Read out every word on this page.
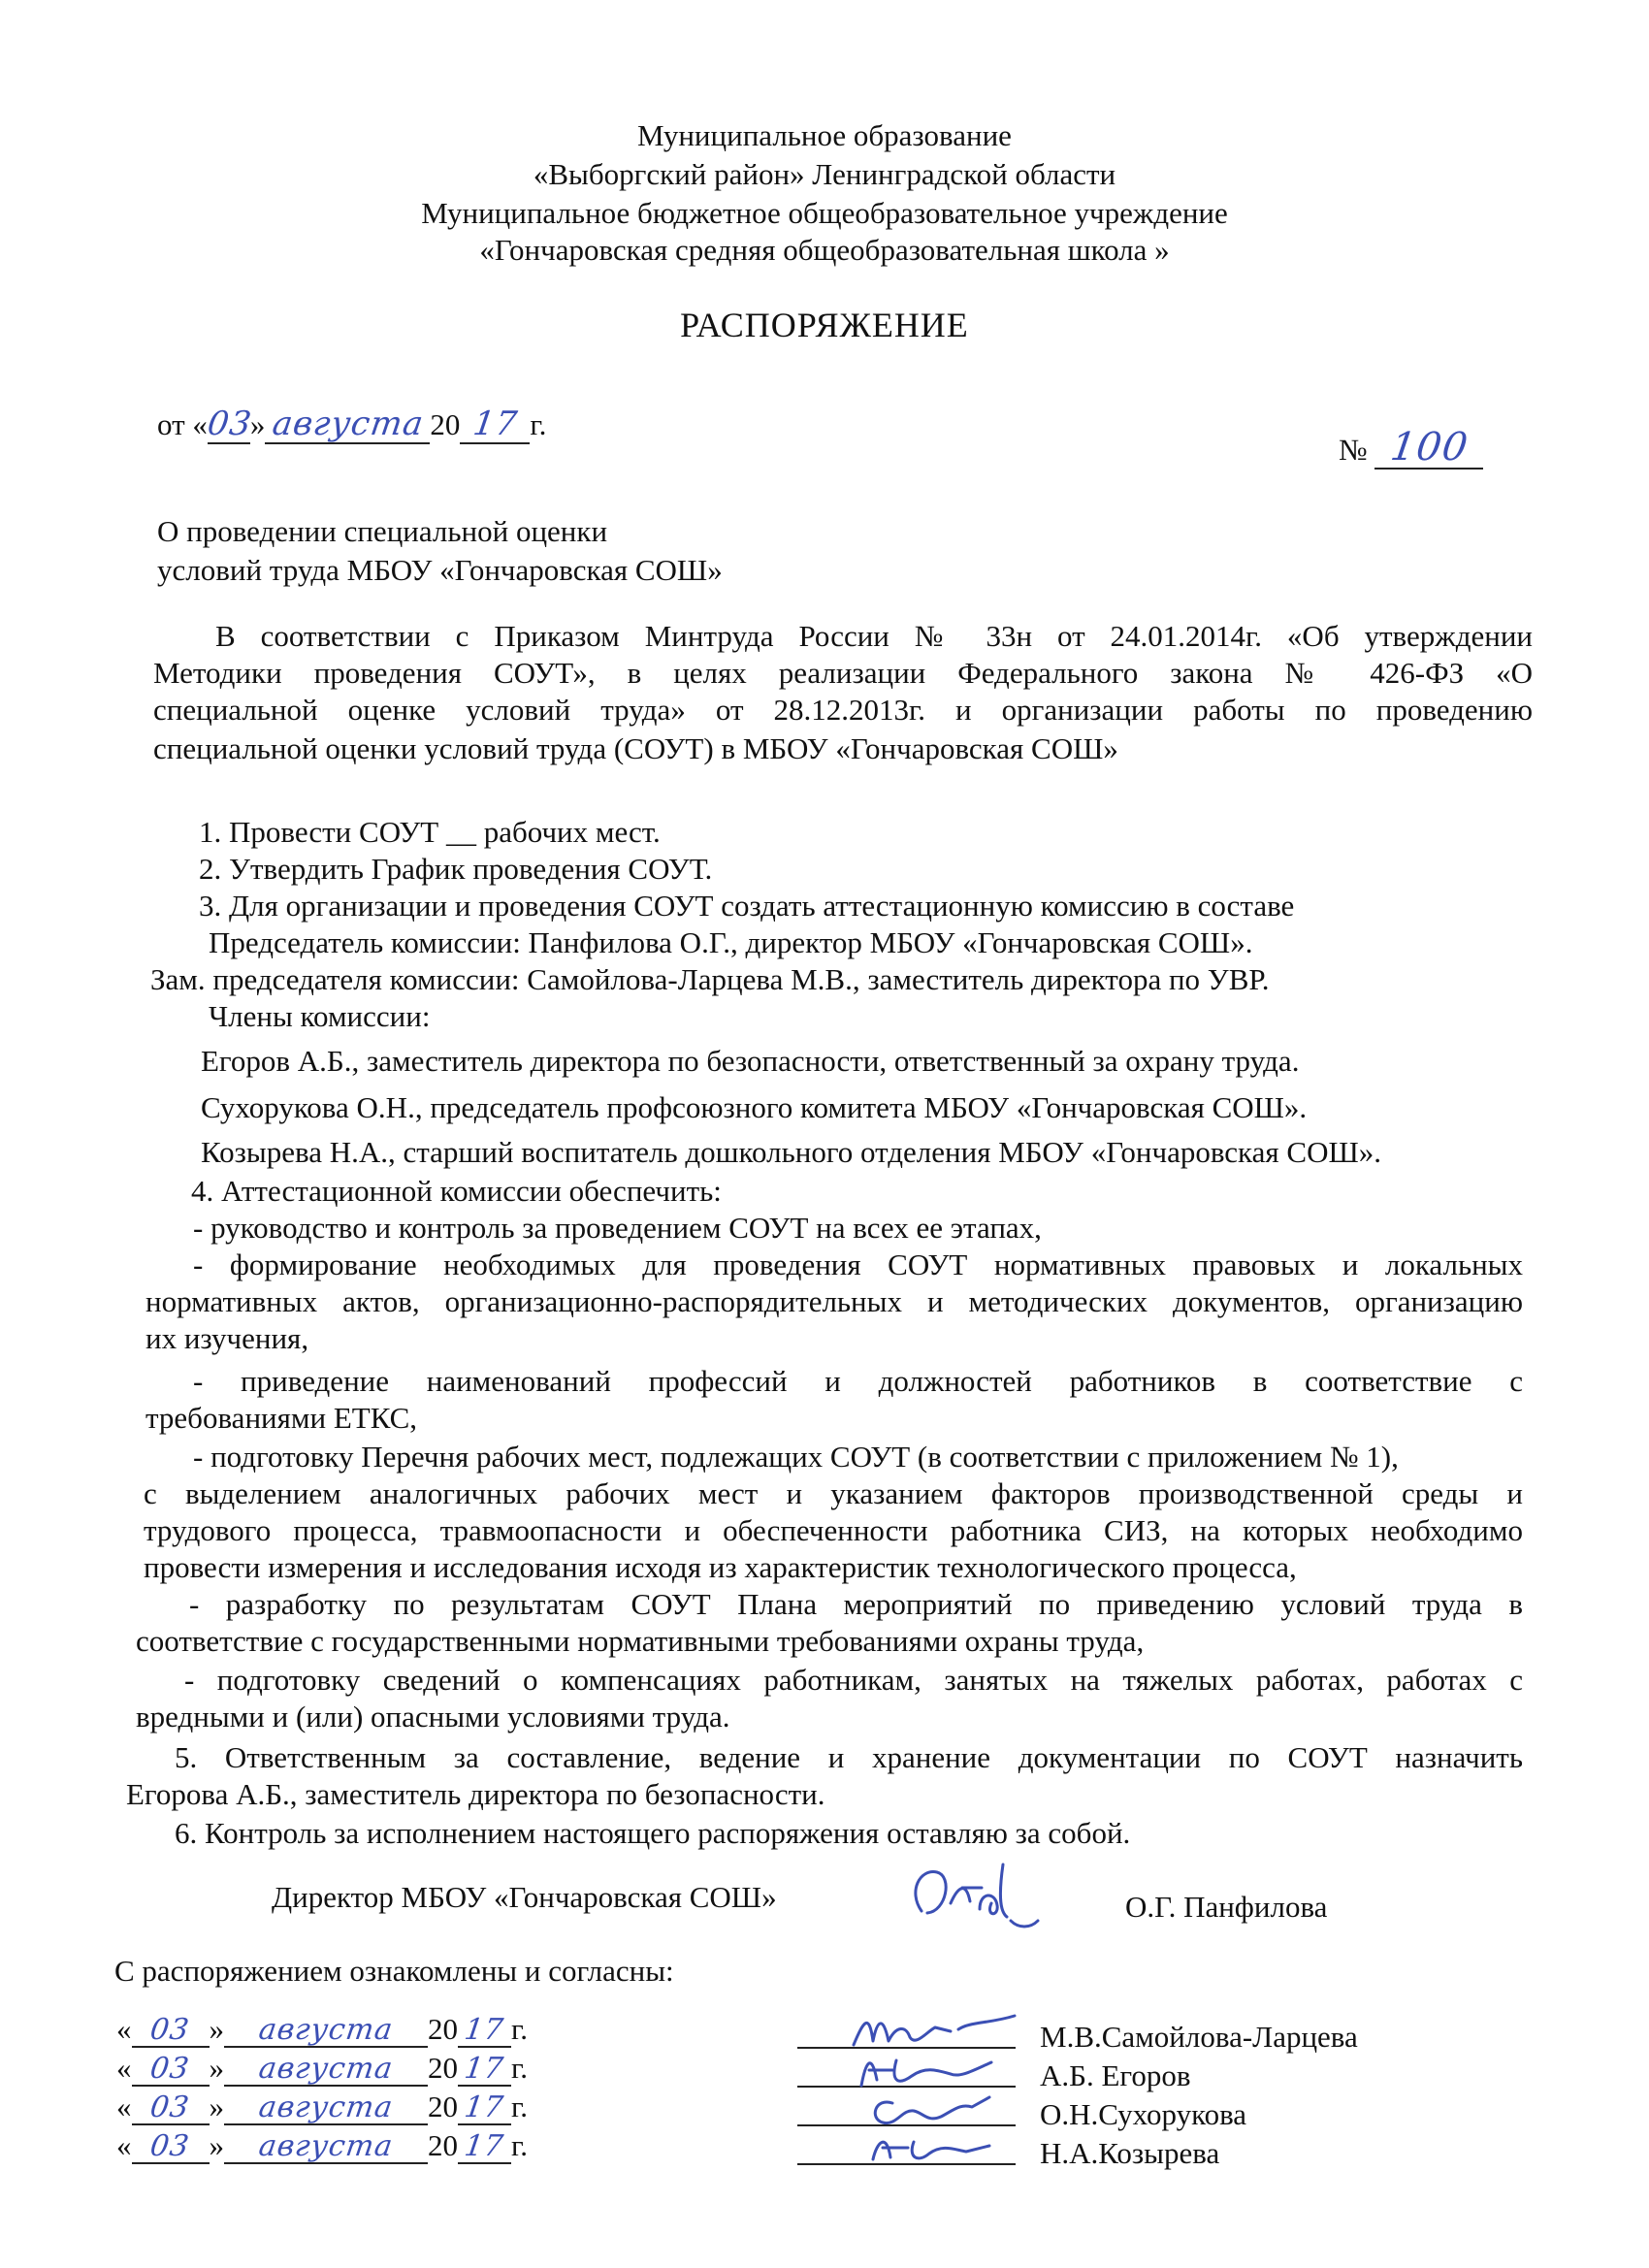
Муниципальное образование
«Выборгский район» Ленинградской области
Муниципальное бюджетное общеобразовательное учреждение
«Гончаровская средняя общеобразовательная школа »
РАСПОРЯЖЕНИЕ
от «03» августа 20 17 г.
№ 100
О проведении специальной оценки
условий труда МБОУ «Гончаровская СОШ»
В соответствии с Приказом Минтруда России № 33н от 24.01.2014г. «Об утверждении
Методики проведения СОУТ», в целях реализации Федерального закона № 426-ФЗ «О
специальной оценке условий труда» от 28.12.2013г. и организации работы по проведению
специальной оценки условий труда (СОУТ) в МБОУ «Гончаровская СОШ»
1. Провести СОУТ __ рабочих мест.
2. Утвердить График проведения СОУТ.
3. Для организации и проведения СОУТ создать аттестационную комиссию в составе
Председатель комиссии: Панфилова О.Г., директор МБОУ «Гончаровская СОШ».
Зам. председателя комиссии: Самойлова-Ларцева М.В., заместитель директора по УВР.
Члены комиссии:
Егоров А.Б., заместитель директора по безопасности, ответственный за охрану труда.
Сухорукова О.Н., председатель профсоюзного комитета МБОУ «Гончаровская СОШ».
Козырева Н.А., старший воспитатель дошкольного отделения МБОУ «Гончаровская СОШ».
4. Аттестационной комиссии обеспечить:
- руководство и контроль за проведением СОУТ на всех ее этапах,
- формирование необходимых для проведения СОУТ нормативных правовых и локальных
нормативных актов, организационно-распорядительных и методических документов, организацию
их изучения,
- приведение наименований профессий и должностей работников в соответствие с
требованиями ЕТКС,
- подготовку Перечня рабочих мест, подлежащих СОУТ (в соответствии с приложением № 1),
с выделением аналогичных рабочих мест и указанием факторов производственной среды и
трудового процесса, травмоопасности и обеспеченности работника СИЗ, на которых необходимо
провести измерения и исследования исходя из характеристик технологического процесса,
- разработку по результатам СОУТ Плана мероприятий по приведению условий труда в
соответствие с государственными нормативными требованиями охраны труда,
- подготовку сведений о компенсациях работникам, занятых на тяжелых работах, работах с
вредными и (или) опасными условиями труда.
5. Ответственным за составление, ведение и хранение документации по СОУТ назначить
Егорова А.Б., заместитель директора по безопасности.
6. Контроль за исполнением настоящего распоряжения оставляю за собой.
Директор МБОУ «Гончаровская СОШ»	О.Г. Панфилова
С распоряжением ознакомлены и согласны:
« 03 » августа 20 17 г.
« 03 » августа 20 17 г.
« 03 » августа 20 17 г.
« 03 » августа 20 17 г.
М.В.Самойлова-Ларцева
А.Б. Егоров
О.Н.Сухорукова
Н.А.Козырева
